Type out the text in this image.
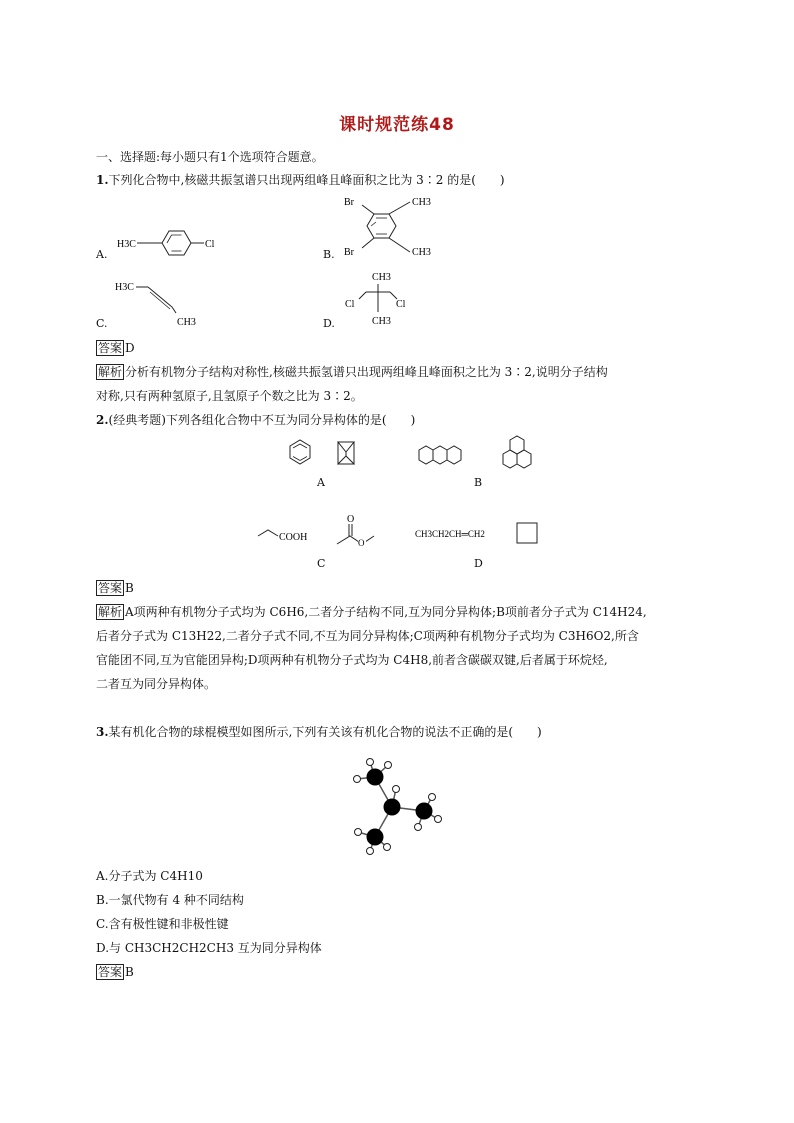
课时规范练48
一、选择题:每小题只有1个选项符合题意。
1.下列化合物中,核磁共振氢谱只出现两组峰且峰面积之比为 3∶2 的是(　　)
A.	B.
C.	D.
H3C	Cl
Br
Br
CH3
CH3
H3C
CH3
CH3
CH3
Cl	Cl
答案 D
解析 分析有机物分子结构对称性,核磁共振氢谱只出现两组峰且峰面积之比为 3∶2,说明分子结构
对称,只有两种氢原子,且氢原子个数之比为 3∶2。
2.(经典考题)下列各组化合物中不互为同分异构体的是(　　)
A	B
COOH
O
O
C
CH3CH2CH═CH2
D
答案 B
解析 A项两种有机物分子式均为 C6H6,二者分子结构不同,互为同分异构体;B项前者分子式为 C14H24,
后者分子式为 C13H22,二者分子式不同,不互为同分异构体;C项两种有机物分子式均为 C3H6O2,所含
官能团不同,互为官能团异构;D项两种有机物分子式均为 C4H8,前者含碳碳双键,后者属于环烷烃,
二者互为同分异构体。
3.某有机化合物的球棍模型如图所示,下列有关该有机化合物的说法不正确的是(　　)
A.分子式为 C4H10
B.一氯代物有 4 种不同结构
C.含有极性键和非极性键
D.与 CH3CH2CH2CH3 互为同分异构体
答案 B
